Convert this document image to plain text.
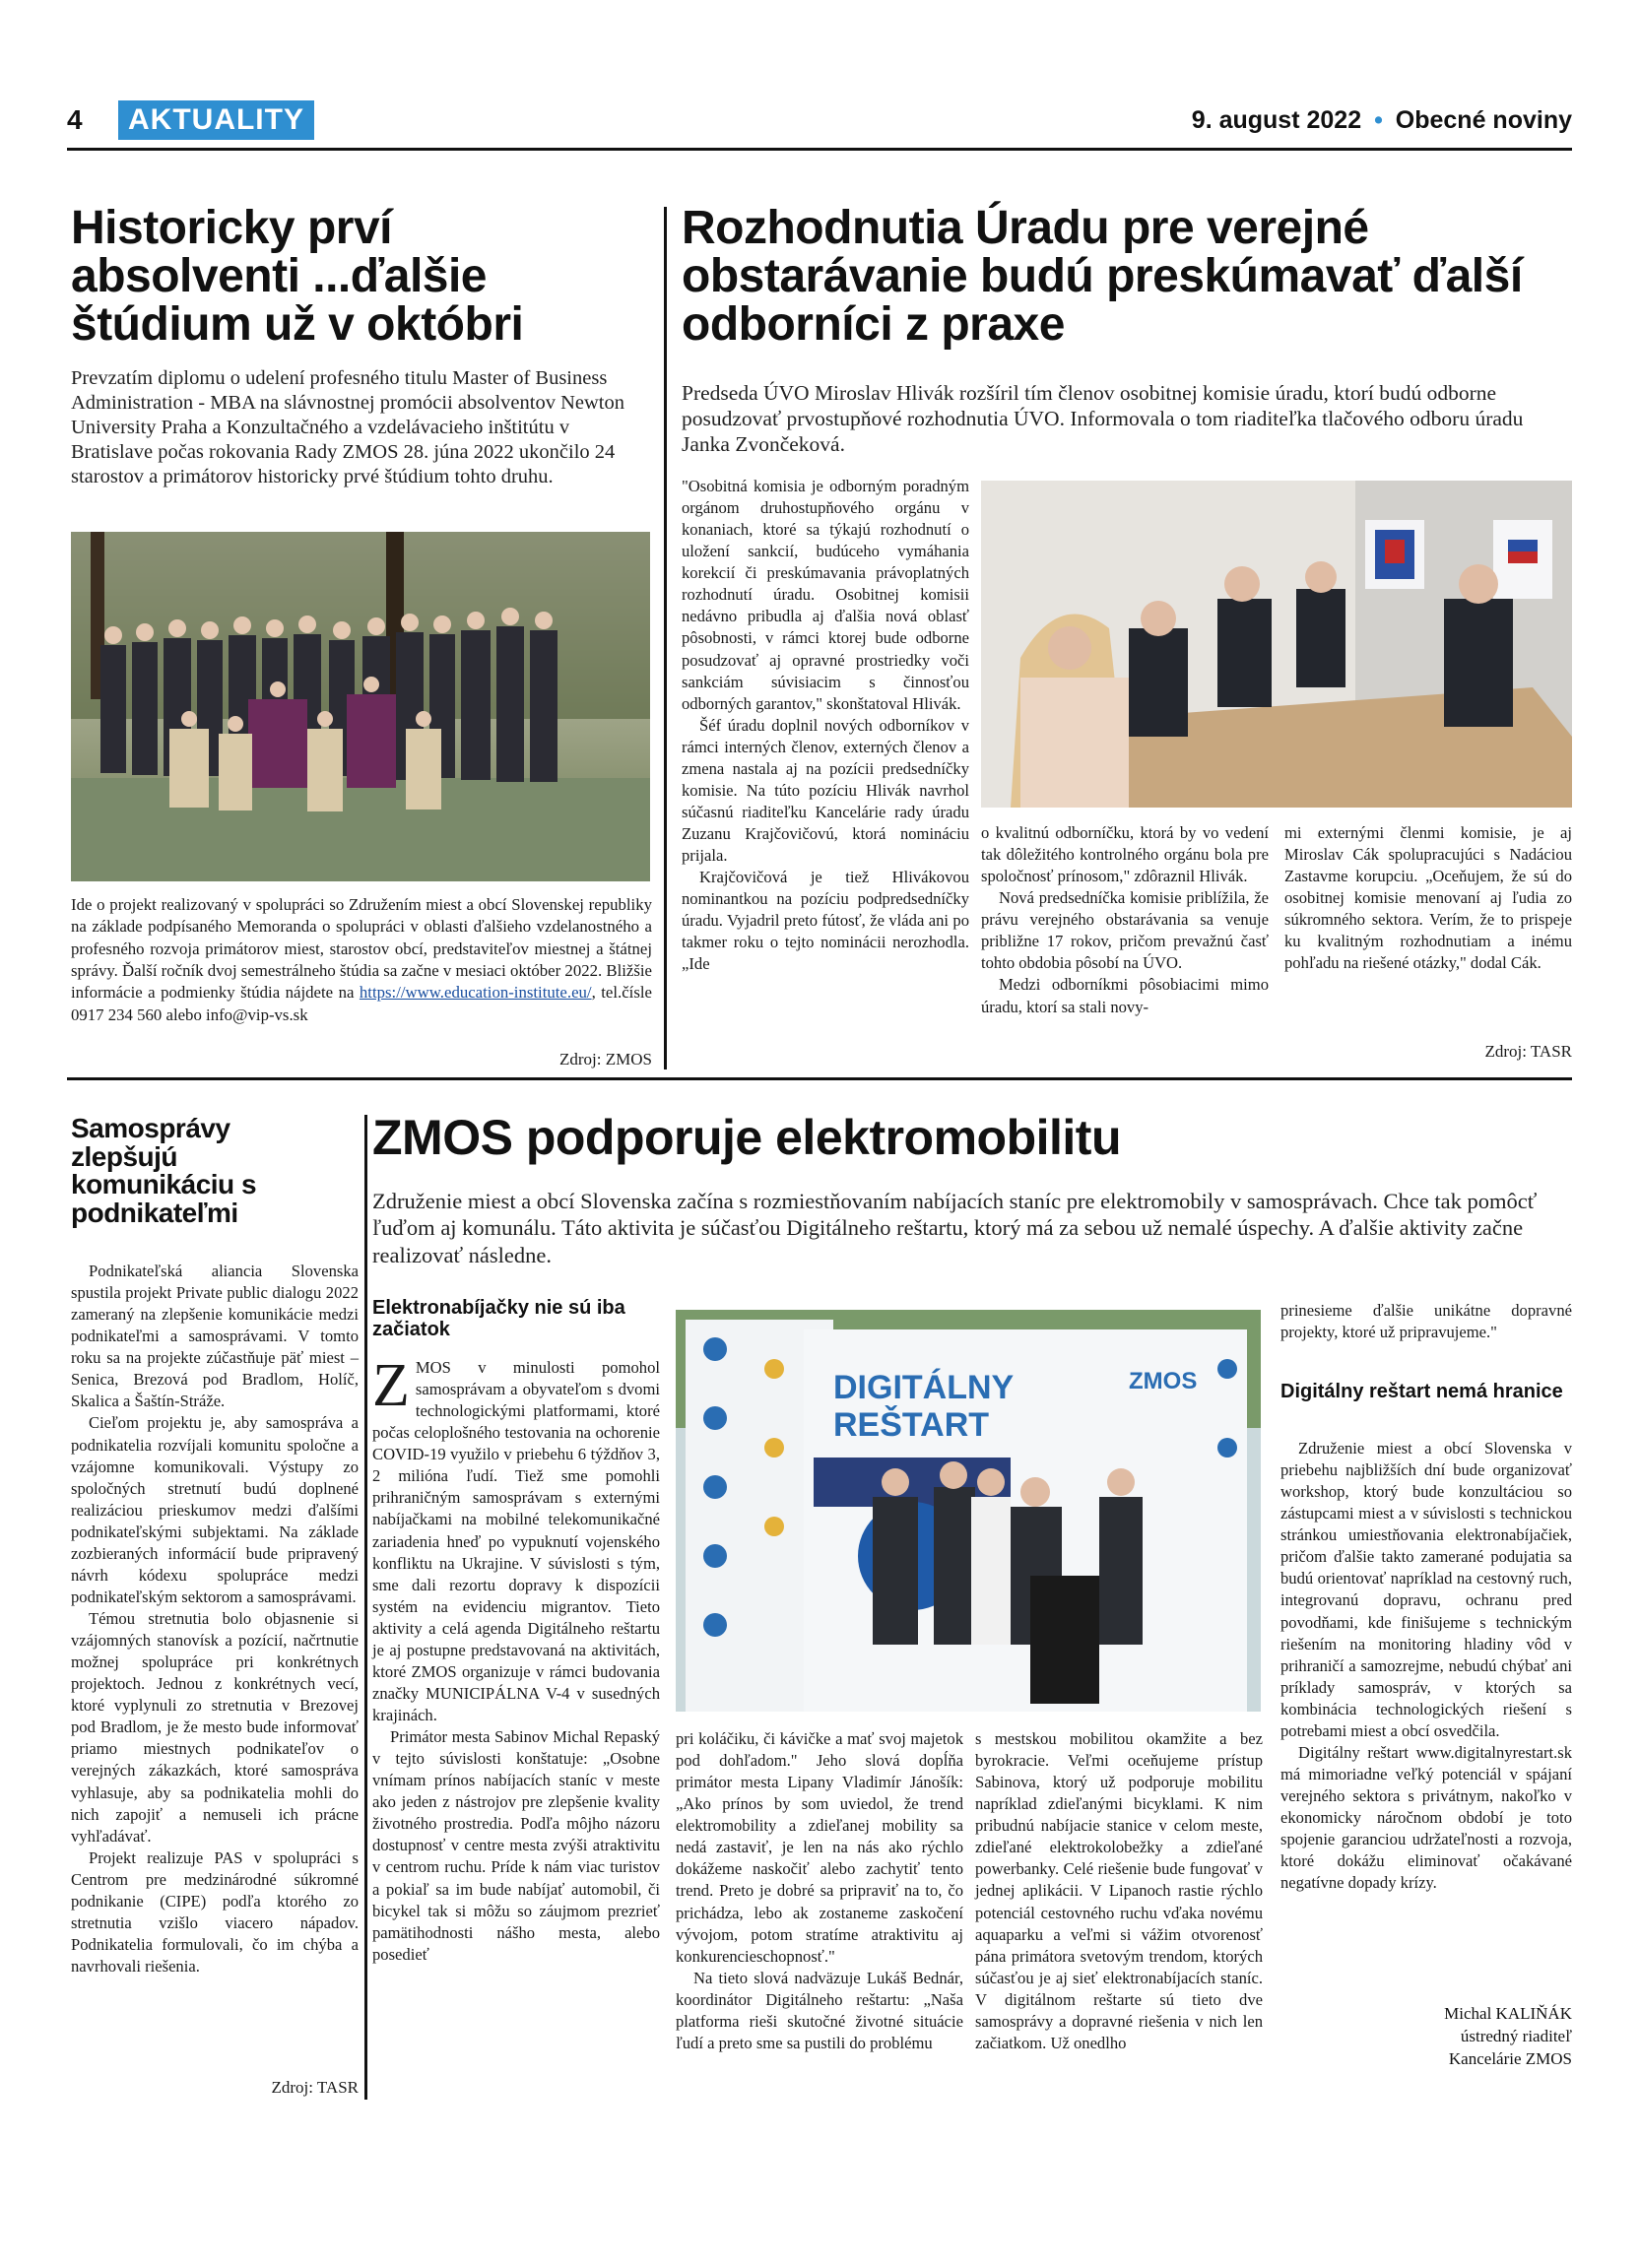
4	AKTUALITY	9. august 2022 • Obecné noviny
Historicky prví absolventi ...ďalšie štúdium už v októbri

Prevzatím diplomu o udelení profesného titulu Master of Business Administration - MBA na slávnostnej promócii absolventov Newton University Praha a Konzultačného a vzdelávacieho inštitútu v Bratislave počas rokovania Rady ZMOS 28. júna 2022 ukončilo 24 starostov a primátorov historicky prvé štúdium tohto druhu.

Ide o projekt realizovaný v spolupráci so Združením miest a obcí Slovenskej republiky na základe podpísaného Memoranda o spolupráci v oblasti ďalšieho vzdelanostného a profesného rozvoja primátorov miest, starostov obcí, predstaviteľov miestnej a štátnej správy. Ďalší ročník dvoj semestrálneho štúdia sa začne v mesiaci október 2022. Bližšie informácie a podmienky štúdia nájdete na https://www.education-institute.eu/, tel.čísle 0917 234 560 alebo info@vip-vs.sk

Zdroj: ZMOS

Rozhodnutia Úradu pre verejné obstarávanie budú preskúmavať ďalší odborníci z praxe

Predseda ÚVO Miroslav Hlivák rozšíril tím členov osobitnej komisie úradu, ktorí budú odborne posudzovať prvostupňové rozhodnutia ÚVO. Informovala o tom riaditeľka tlačového odboru úradu Janka Zvončeková.

"Osobitná komisia je odborným poradným orgánom druhostupňového orgánu v konaniach, ktoré sa týkajú rozhodnutí o uložení sankcií, budúceho vymáhania korekcií či preskúmavania právoplatných rozhodnutí úradu. Osobitnej komisii nedávno pribudla aj ďalšia nová oblasť pôsobnosti, v rámci ktorej bude odborne posudzovať aj opravné prostriedky voči sankciám súvisiacim s činnosťou odborných garantov," skonštatoval Hlivák.

Šéf úradu doplnil nových odborníkov v rámci interných členov, externých členov a zmena nastala aj na pozícii predsedníčky komisie. Na túto pozíciu Hlivák navrhol súčasnú riaditeľku Kancelárie rady úradu Zuzanu Krajčovičovú, ktorá nomináciu prijala.

Krajčovičová je tiež Hlivákovou nominantkou na pozíciu podpredsedníčky úradu. Vyjadril preto fútosť, že vláda ani po takmer roku o tejto nominácii nerozhodla. „Ide

o kvalitnú odborníčku, ktorá by vo vedení tak dôležitého kontrolného orgánu bola pre spoločnosť prínosom," zdôraznil Hlivák.

Nová predsedníčka komisie priblížila, že právu verejného obstarávania sa venuje približne 17 rokov, pričom prevažnú časť tohto obdobia pôsobí na ÚVO.

Medzi odborníkmi pôsobiacimi mimo úradu, ktorí sa stali novy-

mi externými členmi komisie, je aj Miroslav Cák spolupracujúci s Nadáciou Zastavme korupciu. „Oceňujem, že sú do osobitnej komisie menovaní aj ľudia zo súkromného sektora. Verím, že to prispeje ku kvalitným rozhodnutiam a inému pohľadu na riešené otázky," dodal Cák.

Zdroj: TASR

Samosprávy zlepšujú komunikáciu s podnikateľmi

Podnikateľská aliancia Slovenska spustila projekt Private public dialogu 2022 zameraný na zlepšenie komunikácie medzi podnikateľmi a samosprávami. V tomto roku sa na projekte zúčastňuje päť miest – Senica, Brezová pod Bradlom, Holíč, Skalica a Šaštín-Stráže.

Cieľom projektu je, aby samospráva a podnikatelia rozvíjali komunitu spoločne a vzájomne komunikovali. Výstupy zo spoločných stretnutí budú doplnené realizáciou prieskumov medzi ďalšími podnikateľskými subjektami. Na základe zozbieraných informácií bude pripravený návrh kódexu spolupráce medzi podnikateľským sektorom a samosprávami.

Témou stretnutia bolo objasnenie si vzájomných stanovísk a pozícií, načrtnutie možnej spolupráce pri konkrétnych projektoch. Jednou z konkrétnych vecí, ktoré vyplynuli zo stretnutia v Brezovej pod Bradlom, je že mesto bude informovať priamo miestnych podnikateľov o verejných zákazkách, ktoré samospráva vyhlasuje, aby sa podnikatelia mohli do nich zapojiť a nemuseli ich prácne vyhľadávať.

Projekt realizuje PAS v spolupráci s Centrom pre medzinárodné súkromné podnikanie (CIPE) podľa ktorého zo stretnutia vzišlo viacero nápadov. Podnikatelia formulovali, čo im chýba a navrhovali riešenia.

Zdroj: TASR

ZMOS podporuje elektromobilitu

Združenie miest a obcí Slovenska začína s rozmiestňovaním nabíjacích staníc pre elektromobily v samosprávach. Chce tak pomôcť ľuďom aj komunálu. Táto aktivita je súčasťou Digitálneho reštartu, ktorý má za sebou už nemalé úspechy. A ďalšie aktivity začne realizovať následne.

Elektronabíjačky nie sú iba začiatok

ZMOS v minulosti pomohol samosprávam a obyvateľom s dvomi technologickými platformami, ktoré počas celoplošného testovania na ochorenie COVID-19 využilo v priebehu 6 týždňov 3, 2 milióna ľudí. Tiež sme pomohli prihraničným samosprávam s externými nabíjačkami na mobilné telekomunikačné zariadenia hneď po vypuknutí vojenského konfliktu na Ukrajine. V súvislosti s tým, sme dali rezortu dopravy k dispozícii systém na evidenciu migrantov. Tieto aktivity a celá agenda Digitálneho reštartu je aj postupne predstavovaná na aktivitách, ktoré ZMOS organizuje v rámci budovania značky MUNICIPÁLNA V-4 v susedných krajinách.

Primátor mesta Sabinov Michal Repaský v tejto súvislosti konštatuje: „Osobne vnímam prínos nabíjacích staníc v meste ako jeden z nástrojov pre zlepšenie kvality životného prostredia. Podľa môjho názoru dostupnosť v centre mesta zvýši atraktivitu v centrom ruchu. Príde k nám viac turistov a pokiaľ sa im bude nabíjať automobil, či bicykel tak si môžu so záujmom prezrieť pamätihodnosti nášho mesta, alebo posedieť

DIGITÁLNY
REŠTART
ZMOS

pri koláčiku, či kávičke a mať svoj majetok pod dohľadom." Jeho slová dopĺňa primátor mesta Lipany Vladimír Jánošík: „Ako prínos by som uviedol, že trend elektromobility a zdieľanej mobility sa nedá zastaviť, je len na nás ako rýchlo dokážeme naskočiť alebo zachytiť tento trend. Preto je dobré sa pripraviť na to, čo prichádza, lebo ak zostaneme zaskočení vývojom, potom stratíme atraktivitu aj konkurencieschopnosť."

Na tieto slová nadväzuje Lukáš Bednár, koordinátor Digitálneho reštartu: „Naša platforma rieši skutočné životné situácie ľudí a preto sme sa pustili do problému

s mestskou mobilitou okamžite a bez byrokracie. Veľmi oceňujeme prístup Sabinova, ktorý už podporuje mobilitu napríklad zdieľanými bicyklami. K nim pribudnú nabíjacie stanice v celom meste, zdieľané elektrokolobežky a zdieľané powerbanky. Celé riešenie bude fungovať v jednej aplikácii. V Lipanoch rastie rýchlo potenciál cestovného ruchu vďaka novému aquaparku a veľmi si vážim otvorenosť pána primátora svetovým trendom, ktorých súčasťou je aj sieť elektronabíjacích staníc. V digitálnom reštarte sú tieto dve samosprávy a dopravné riešenia v nich len začiatkom. Už onedlho

prinesieme ďalšie unikátne dopravné projekty, ktoré už pripravujeme."

Digitálny reštart nemá hranice

Združenie miest a obcí Slovenska v priebehu najbližších dní bude organizovať workshop, ktorý bude konzultáciou so zástupcami miest a v súvislosti s technickou stránkou umiestňovania elektronabíjačiek, pričom ďalšie takto zamerané podujatia sa budú orientovať napríklad na cestovný ruch, integrovanú dopravu, ochranu pred povodňami, kde finišujeme s technickým riešením na monitoring hladiny vôd v prihraničí a samozrejme, nebudú chýbať ani príklady samospráv, v ktorých sa kombinácia technologických riešení s potrebami miest a obcí osvedčila.

Digitálny reštart www.digitalnyrestart.sk má mimoriadne veľký potenciál v spájaní verejného sektora s privátnym, nakoľko v ekonomicky náročnom období je toto spojenie garanciou udržateľnosti a rozvoja, ktoré dokážu eliminovať očakávané negatívne dopady krízy.

Michal KALIŇÁK
ústredný riaditeľ
Kancelárie ZMOS
